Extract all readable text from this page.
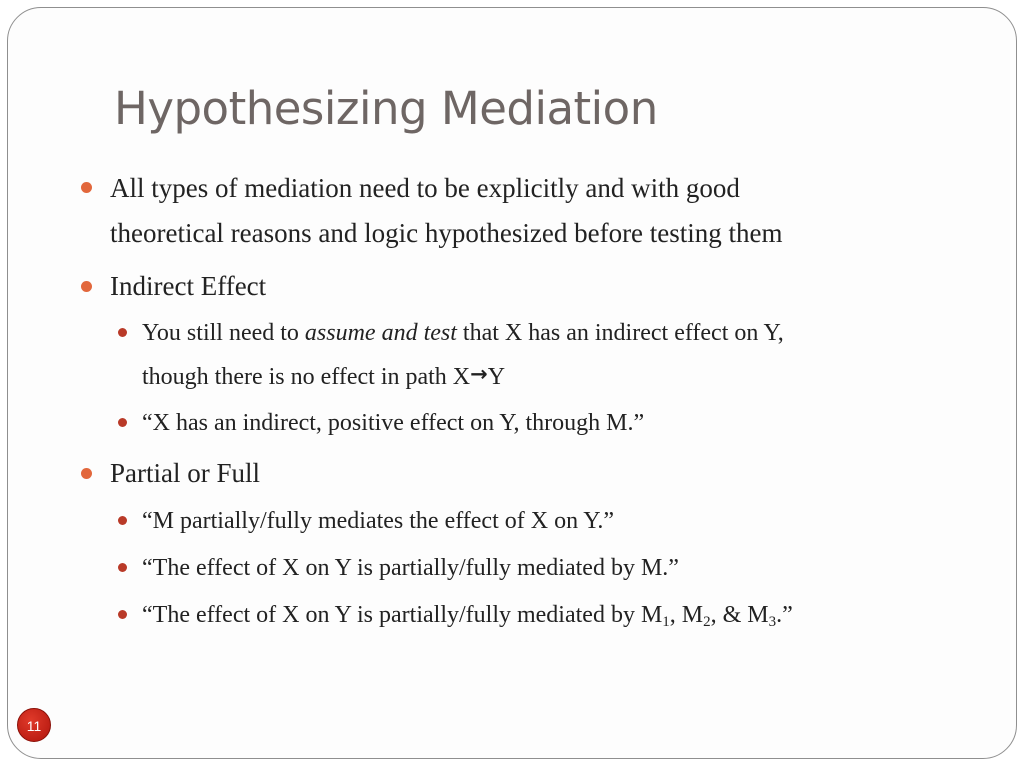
Hypothesizing Mediation
All types of mediation need to be explicitly and with good
theoretical reasons and logic hypothesized before testing them
Indirect Effect
You still need to assume and test that X has an indirect effect on Y,
though there is no effect in path X→Y
“X has an indirect, positive effect on Y, through M.”
Partial or Full
“M partially/fully mediates the effect of X on Y.”
“The effect of X on Y is partially/fully mediated by M.”
“The effect of X on Y is partially/fully mediated by $M_1$, $M_2$, & $M_3$.”
11
